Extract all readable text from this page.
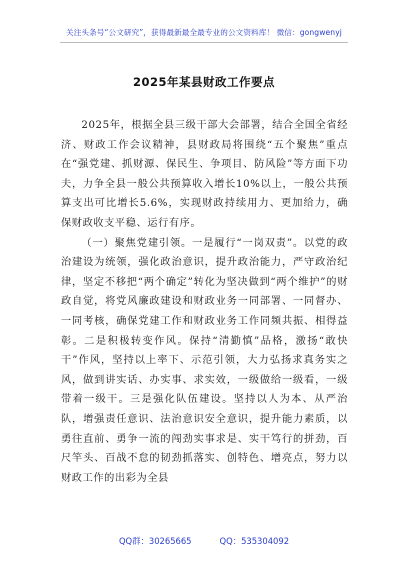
关注头条号“公文研究”，获得最新最全最专业的公文资料库！ 微信：gongwenyj
2025年某县财政工作要点

2025年，根据全县三级干部大会部署，结合全国全省经济、财政工作会议精神，县财政局将围绕“五个聚焦”重点在“强党建、抓财源、保民生、争项目、防风险”等方面下功夫，力争全县一般公共预算收入增长10%以上，一般公共预算支出可比增长5.6%，实现财政持续用力、更加给力，确保财政收支平稳、运行有序。

（一）聚焦党建引领。一是履行“一岗双责”。以党的政治建设为统领，强化政治意识，提升政治能力，严守政治纪律，坚定不移把“两个确定”转化为坚决做到“两个维护”的财政自觉，将党风廉政建设和财政业务一同部署、一同督办、一同考核，确保党建工作和财政业务工作同频共振、相得益彰。二是积极转变作风。保持“清勤慎”品格，激扬“敢快干”作风，坚持以上率下、示范引领，大力弘扬求真务实之风，做到讲实话、办实事、求实效，一级做给一级看，一级带着一级干。三是强化队伍建设。坚持以人为本、从严治队，增强责任意识、法治意识安全意识，提升能力素质，以勇往直前、勇争一流的闯劲实事求是、实干笃行的拼劲，百尺竿头、百战不怠的韧劲抓落实、创特色、增亮点，努力以财政工作的出彩为全县

QQ群：30265665	QQ：535304092
